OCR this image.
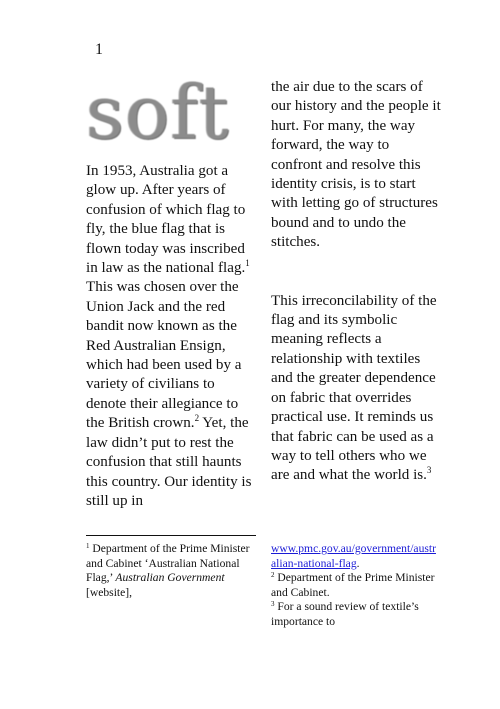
1
soft

In 1953, Australia got a glow up. After years of confusion of which flag to fly, the blue flag that is flown today was inscribed in law as the national flag.$^1$ This was chosen over the Union Jack and the red bandit now known as the Red Australian Ensign, which had been used by a variety of civilians to denote their allegiance to the British crown.$^2$ Yet, the law didn’t put to rest the confusion that still haunts this country. Our identity is still up in

the air due to the scars of our history and the people it hurt. For many, the way forward, the way to confront and resolve this identity crisis, is to start with letting go of structures bound and to undo the stitches.

This irreconcilability of the flag and its symbolic meaning reflects a relationship with textiles and the greater dependence on fabric that overrides practical use. It reminds us that fabric can be used as a way to tell others who we are and what the world is.$^3$

$^1$ Department of the Prime Minister and Cabinet ‘Australian National Flag,’ Australian Government [website],

www.pmc.gov.au/government/australian-national-flag.

$^2$ Department of the Prime Minister and Cabinet.

$^3$ For a sound review of textile’s importance to
